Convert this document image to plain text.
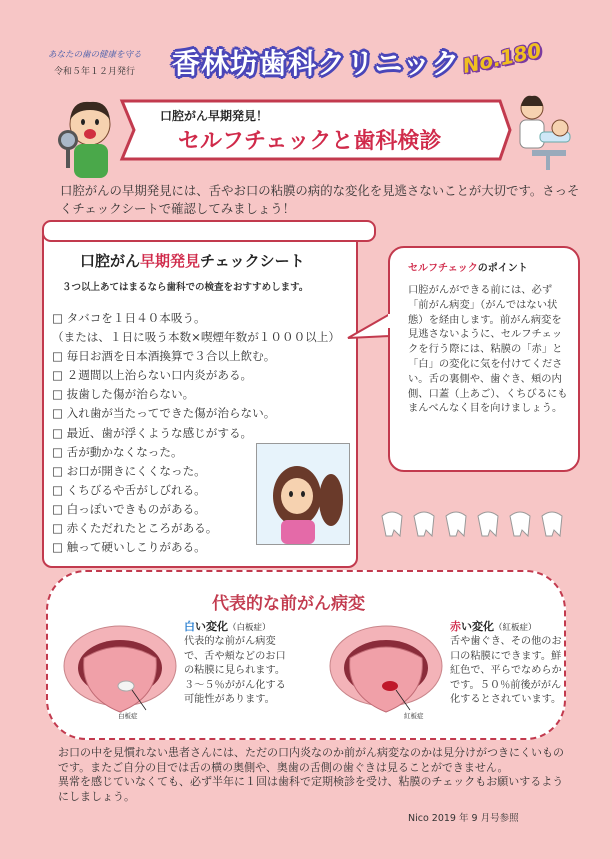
あなたの歯の健康を守る
令和５年１２月発行 香林坊歯科クリニック No.180
口腔がん早期発見！
セルフチェックと歯科検診
口腔がんの早期発見には、舌やお口の粘膜の病的な変化を見逃さないことが大切です。さっそくチェックシートで確認してみましょう！
口腔がん早期発見チェックシート
３つ以上あてはまるなら歯科での検査をおすすめします。
□ タバコを１日４０本吸う。
（または、１日に吸う本数×喫煙年数が１０００以上）
□ 毎日お酒を日本酒換算で３合以上飲む。
□ ２週間以上治らない口内炎がある。
□ 抜歯した傷が治らない。
□ 入れ歯が当たってできた傷が治らない。
□ 最近、歯が浮くような感じがする。
□ 舌が動かなくなった。
□ お口が開きにくくなった。
□ くちびるや舌がしびれる。
□ 白っぽいできものがある。
□ 赤くただれたところがある。
□ 触って硬いしこりがある。
セルフチェックのポイント
口腔がんができる前には、必ず「前がん病変」（がんではない状態）を経由します。前がん病変を見逃さないように、セルフチェックを行う際には、粘膜の「赤」と「白」の変化に気を付けてください。舌の裏側や、歯ぐき、頬の内側、口蓋（上あご）、くちびるにもまんべんなく目を向けましょう。
代表的な前がん病変
白板症
白い変化（白板症）
代表的な前がん病変で、舌や頬などのお口の粘膜に見られます。３～５％ががん化する可能性があります。
紅板症
赤い変化（紅板症）
舌や歯ぐき、その他のお口の粘膜にできます。鮮紅色で、平らでなめらかです。５０％前後ががん化するとされています。
お口の中を見慣れない患者さんには、ただの口内炎なのか前がん病変なのかは見分けがつきにくいものです。またご自分の目では舌の横の奥側や、奥歯の舌側の歯ぐきは見ることができません。
異常を感じていなくても、必ず半年に１回は歯科で定期検診を受け、粘膜のチェックもお願いするようにしましょう。
Nico 2019 年 9 月号参照
